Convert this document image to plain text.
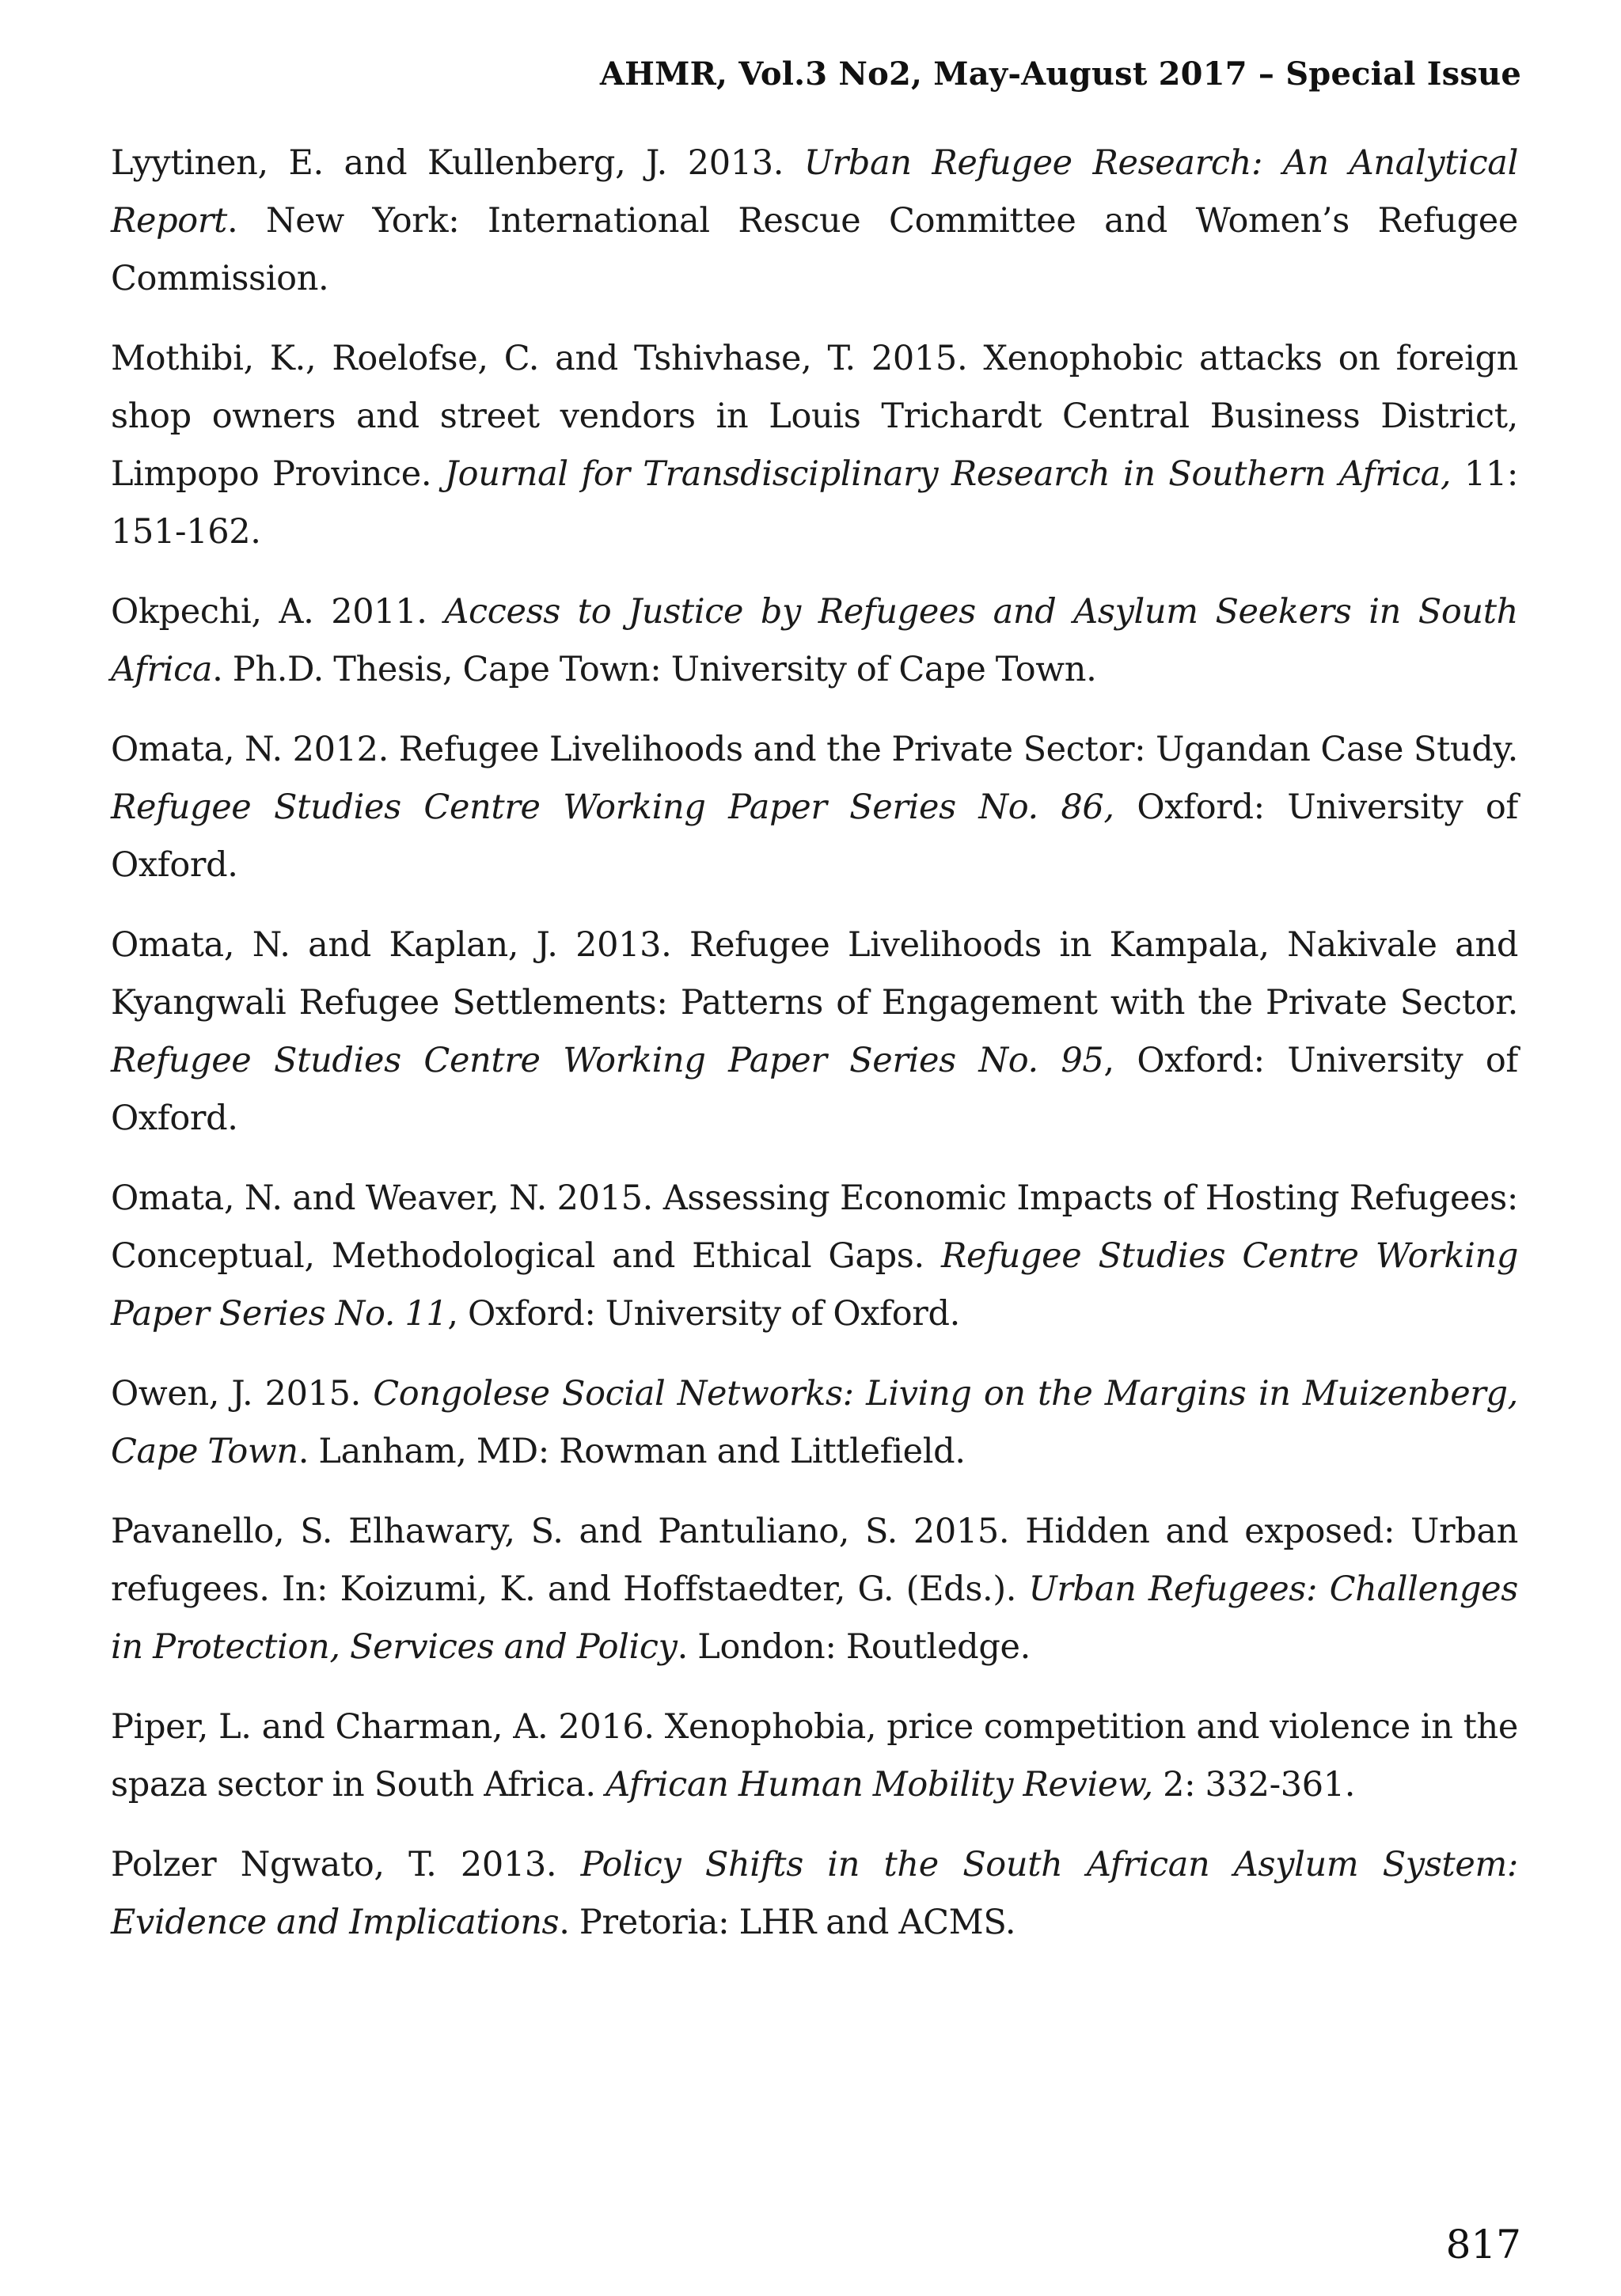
AHMR, Vol.3 No2, May-August 2017 – Special Issue
Lyytinen, E. and Kullenberg, J. 2013. Urban Refugee Research: An Analytical Report. New York: International Rescue Committee and Women’s Refugee Commission.
Mothibi, K., Roelofse, C. and Tshivhase, T. 2015. Xenophobic attacks on foreign shop owners and street vendors in Louis Trichardt Central Business District, Limpopo Province. Journal for Transdisciplinary Research in Southern Africa, 11: 151-162.
Okpechi, A. 2011. Access to Justice by Refugees and Asylum Seekers in South Africa. Ph.D. Thesis, Cape Town: University of Cape Town.
Omata, N. 2012. Refugee Livelihoods and the Private Sector: Ugandan Case Study. Refugee Studies Centre Working Paper Series No. 86, Oxford: University of Oxford.
Omata, N. and Kaplan, J. 2013. Refugee Livelihoods in Kampala, Nakivale and Kyangwali Refugee Settlements: Patterns of Engagement with the Private Sector. Refugee Studies Centre Working Paper Series No. 95, Oxford: University of Oxford.
Omata, N. and Weaver, N. 2015. Assessing Economic Impacts of Hosting Refugees: Conceptual, Methodological and Ethical Gaps. Refugee Studies Centre Working Paper Series No. 11, Oxford: University of Oxford.
Owen, J. 2015. Congolese Social Networks: Living on the Margins in Muizenberg, Cape Town. Lanham, MD: Rowman and Littlefield.
Pavanello, S. Elhawary, S. and Pantuliano, S. 2015. Hidden and exposed: Urban refugees. In: Koizumi, K. and Hoffstaedter, G. (Eds.). Urban Refugees: Challenges in Protection, Services and Policy. London: Routledge.
Piper, L. and Charman, A. 2016. Xenophobia, price competition and violence in the spaza sector in South Africa. African Human Mobility Review, 2: 332-361.
Polzer Ngwato, T. 2013. Policy Shifts in the South African Asylum System: Evidence and Implications. Pretoria: LHR and ACMS.
817
